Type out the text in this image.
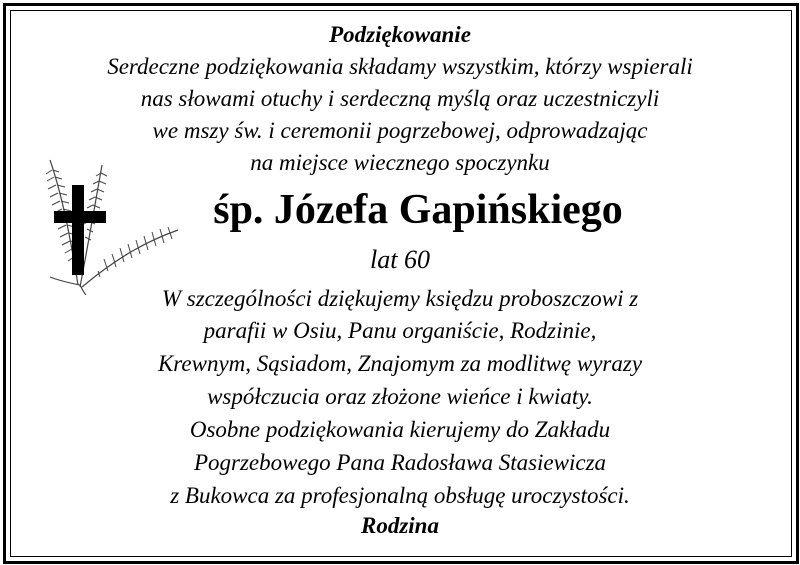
Podziękowanie
Serdeczne podziękowania składamy wszystkim, którzy wspierali
nas słowami otuchy i serdeczną myślą oraz uczestniczyli
we mszy św. i ceremonii pogrzebowej, odprowadzając
na miejsce wiecznego spoczynku
śp. Józefa Gapińskiego
lat 60
W szczególności dziękujemy księdzu proboszczowi z
parafii w Osiu, Panu organiście, Rodzinie,
Krewnym, Sąsiadom, Znajomym za modlitwę wyrazy
współczucia oraz złożone wieńce i kwiaty.
Osobne podziękowania kierujemy do Zakładu
Pogrzebowego Pana Radosława Stasiewicza
z Bukowca za profesjonalną obsługę uroczystości.
Rodzina
